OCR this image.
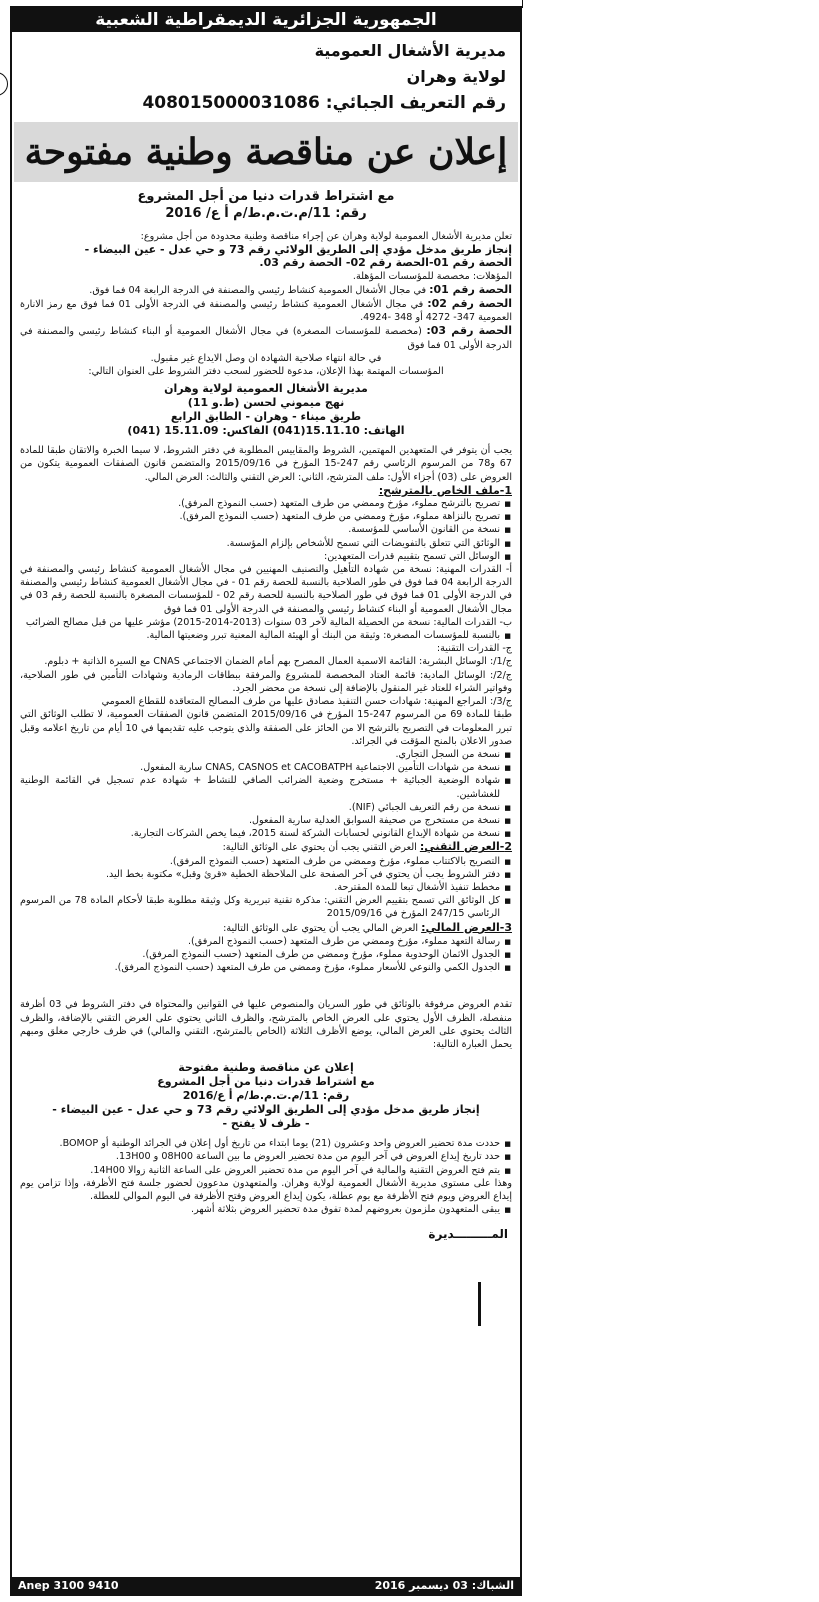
الجمهورية الجزائرية الديمقراطية الشعبية
مديرية الأشغال العمومية
لولاية وهران
رقم التعريف الجبائي: 408015000031086
إعلان عن مناقصة وطنية مفتوحة
مع اشتراط قدرات دنيا من أجل المشروع
رقم: 11/م.ت.م.ط/م أ ع/ 2016

تعلن مديرية الأشغال العمومية لولاية وهران عن إجراء مناقصة وطنية محدودة من أجل مشروع:

إنجاز طريق مدخل مؤدي إلى الطريق الولائي رقم 73 و حي عدل - عين البيضاء -

الحصة رقم 01-الحصة رقم 02- الحصة رقم 03.

المؤهلات: مخصصة للمؤسسات المؤهلة.

الحصة رقم 01: في مجال الأشغال العمومية كنشاط رئيسي والمصنفة في الدرجة الرابعة 04 فما فوق.

الحصة رقم 02: في مجال الأشغال العمومية كنشاط رئيسي والمصنفة في الدرجة الأولى 01 فما فوق مع رمز الانارة العمومية 347- 4272 أو 348 -4924.

الحصة رقم 03: (مخصصة للمؤسسات المصغرة) في مجال الأشغال العمومية أو البناء كنشاط رئيسي والمصنفة في الدرجة الأولى 01 فما فوق

في حالة انتهاء صلاحية الشهادة ان وصل الايداع غير مقبول.

المؤسسات المهتمة بهذا الإعلان، مدعوة للحضور لسحب دفتر الشروط على العنوان التالي:

مديرية الأشغال العمومية لولاية وهران
نهج ميموني لحسن (ط.و 11)
طريق ميناء - وهران - الطابق الرابع
الهاتف: 15.11.10(041) الفاكس: 15.11.09 (041)

يجب أن يتوفر في المتعهدين المهتمين، الشروط والمقاييس المطلوبة في دفتر الشروط، لا سيما الخبرة والاتقان طبقا للمادة 67 و78 من المرسوم الرئاسي رقم 247-15 المؤرخ في 2015/09/16 والمتضمن قانون الصفقات العمومية يتكون من العروض على (03) أجزاء الأول: ملف المترشح، الثاني: العرض التقني والثالث: العرض المالي.

1-ملف الخاص بالمترشح:

■ تصريح بالترشح مملوء، مؤرخ وممضي من طرف المتعهد (حسب النموذج المرفق).
■ تصريح بالنزاهة مملوء، مؤرخ وممضي من طرف المتعهد (حسب النموذج المرفق).
■ نسخة من القانون الأساسي للمؤسسة.
■ الوثائق التي تتعلق بالتفويضات التي تسمح للأشخاص بإلزام المؤسسة.
■ الوسائل التي تسمح بتقييم قدرات المتعهدين:

أ- القدرات المهنية: نسخة من شهادة التأهيل والتصنيف المهنيين في مجال الأشغال العمومية كنشاط رئيسي والمصنفة في الدرجة الرابعة 04 فما فوق في طور الصلاحية بالنسبة للحصة رقم 01 - في مجال الأشغال العمومية كنشاط رئيسي والمصنفة في الدرجة الأولى 01 فما فوق في طور الصلاحية بالنسبة للحصة رقم 02 - للمؤسسات المصغرة بالنسبة للحصة رقم 03 في مجال الأشغال العمومية أو البناء كنشاط رئيسي والمصنفة في الدرجة الأولى 01 فما فوق

ب- القدرات المالية: نسخة من الحصيلة المالية لآخر 03 سنوات (2013-2014-2015) مؤشر عليها من قبل مصالح الضرائب

■ بالنسبة للمؤسسات المصغرة: وثيقة من البنك أو الهيئة المالية المعنية تبرر وضعيتها المالية.

ج- القدرات التقنية:

ج/1/: الوسائل البشرية: القائمة الاسمية العمال المصرح بهم أمام الضمان الاجتماعي CNAS مع السيرة الذاتية + دبلوم.

ج/2/: الوسائل المادية: قائمة العتاد المخصصة للمشروع والمرفقة ببطاقات الرمادية وشهادات التأمين في طور الصلاحية، وفواتير الشراء للعتاد غير المنقول بالإضافة إلى نسخة من محضر الجرد.

ج/3/: المراجع المهنية: شهادات حسن التنفيذ مصادق عليها من طرف المصالح المتعاقدة للقطاع العمومي

طبقا للمادة 69 من المرسوم 247-15 المؤرخ في 2015/09/16 المتضمن قانون الصفقات العمومية، لا تطلب الوثائق التي تبرر المعلومات في التصريح بالترشح الا من الحائز على الصفقة والذي يتوجب عليه تقديمها في 10 أيام من تاريخ اعلامه وقبل صدور الاعلان بالمنح المؤقت في الجرائد.

■ نسخة من السجل التجاري.
■ نسخة من شهادات التأمين الاجتماعية CNAS, CASNOS et CACOBATPH سارية المفعول.
■ شهادة الوضعية الجبائية + مستخرج وضعية الضرائب الصافي للنشاط + شهادة عدم تسجيل في القائمة الوطنية للغشاشين.
■ نسخة من رقم التعريف الجبائي (NIF).
■ نسخة من مستخرج من صحيفة السوابق العدلية سارية المفعول.
■ نسخة من شهادة الإيداع القانوني لحسابات الشركة لسنة 2015، فيما يخص الشركات التجارية.

2-العرض التقني: العرض التقني يجب أن يحتوي على الوثائق التالية:

■ التصريح بالاكتتاب مملوء، مؤرخ وممضي من طرف المتعهد (حسب النموذج المرفق).
■ دفتر الشروط يجب أن يحتوي في آخر الصفحة على الملاحظة الخطية «قرئ وقبل» مكتوبة بخط اليد.
■ مخطط تنفيذ الأشغال تبعا للمدة المقترحة.
■ كل الوثائق التي تسمح بتقييم العرض التقني: مذكرة تقنية تبريرية وكل وثيقة مطلوبة طبقا لأحكام المادة 78 من المرسوم الرئاسي 247/15 المؤرخ في 2015/09/16

3-العرض المالي: العرض المالي يجب أن يحتوي على الوثائق التالية:

■ رسالة التعهد مملوء، مؤرخ وممضي من طرف المتعهد (حسب النموذج المرفق).
■ الجدول الاثمان الوحدوية مملوء، مؤرخ وممضي من طرف المتعهد (حسب النموذج المرفق).
■ الجدول الكمي والنوعي للأسعار مملوء، مؤرخ وممضي من طرف المتعهد (حسب النموذج المرفق).

تقدم العروض مرفوقة بالوثائق في طور السريان والمنصوص عليها في القوانين والمحتواة في دفتر الشروط في 03 أظرفة منفصلة، الظرف الأول يحتوي على العرض الخاص بالمترشح، والظرف الثاني يحتوي على العرض التقني بالإضافة، والظرف الثالث يحتوي على العرض المالي، يوضع الأظرف الثلاثة (الخاص بالمترشح، التقني والمالي) في ظرف خارجي مغلق ومبهم يحمل العبارة التالية:

إعلان عن مناقصة وطنية مفتوحة
مع اشتراط قدرات دنيا من أجل المشروع
رقم: 11/م.ت.م.ط/م أ ع/2016
إنجاز طريق مدخل مؤدي إلى الطريق الولائي رقم 73 و حي عدل - عين البيضاء -
- ظرف لا يفتح -
■ حددت مدة تحضير العروض واحد وعشرون (21) يوما ابتداء من تاريخ أول إعلان في الجرائد الوطنية أو BOMOP.
■ حدد تاريخ إيداع العروض في آخر اليوم من مدة تحضير العروض ما بين الساعة 08H00 و 13H00.
■ يتم فتح العروض التقنية والمالية في آخر اليوم من مدة تحضير العروض على الساعة الثانية زوالا 14H00.

وهذا على مستوى مديرية الأشغال العمومية لولاية وهران. والمتعهدون مدعوون لحضور جلسة فتح الأظرفة، وإذا تزامن يوم إيداع العروض ويوم فتح الأظرفة مع يوم عطلة، يكون إيداع العروض وفتح الأظرفة في اليوم الموالي للعطلة.

■ يبقى المتعهدون ملزمون بعروضهم لمدة تفوق مدة تحضير العروض بثلاثة أشهر.
المـــــــــديرة
الشباك: 03 ديسمبر 2016
Anep 3100 9410
